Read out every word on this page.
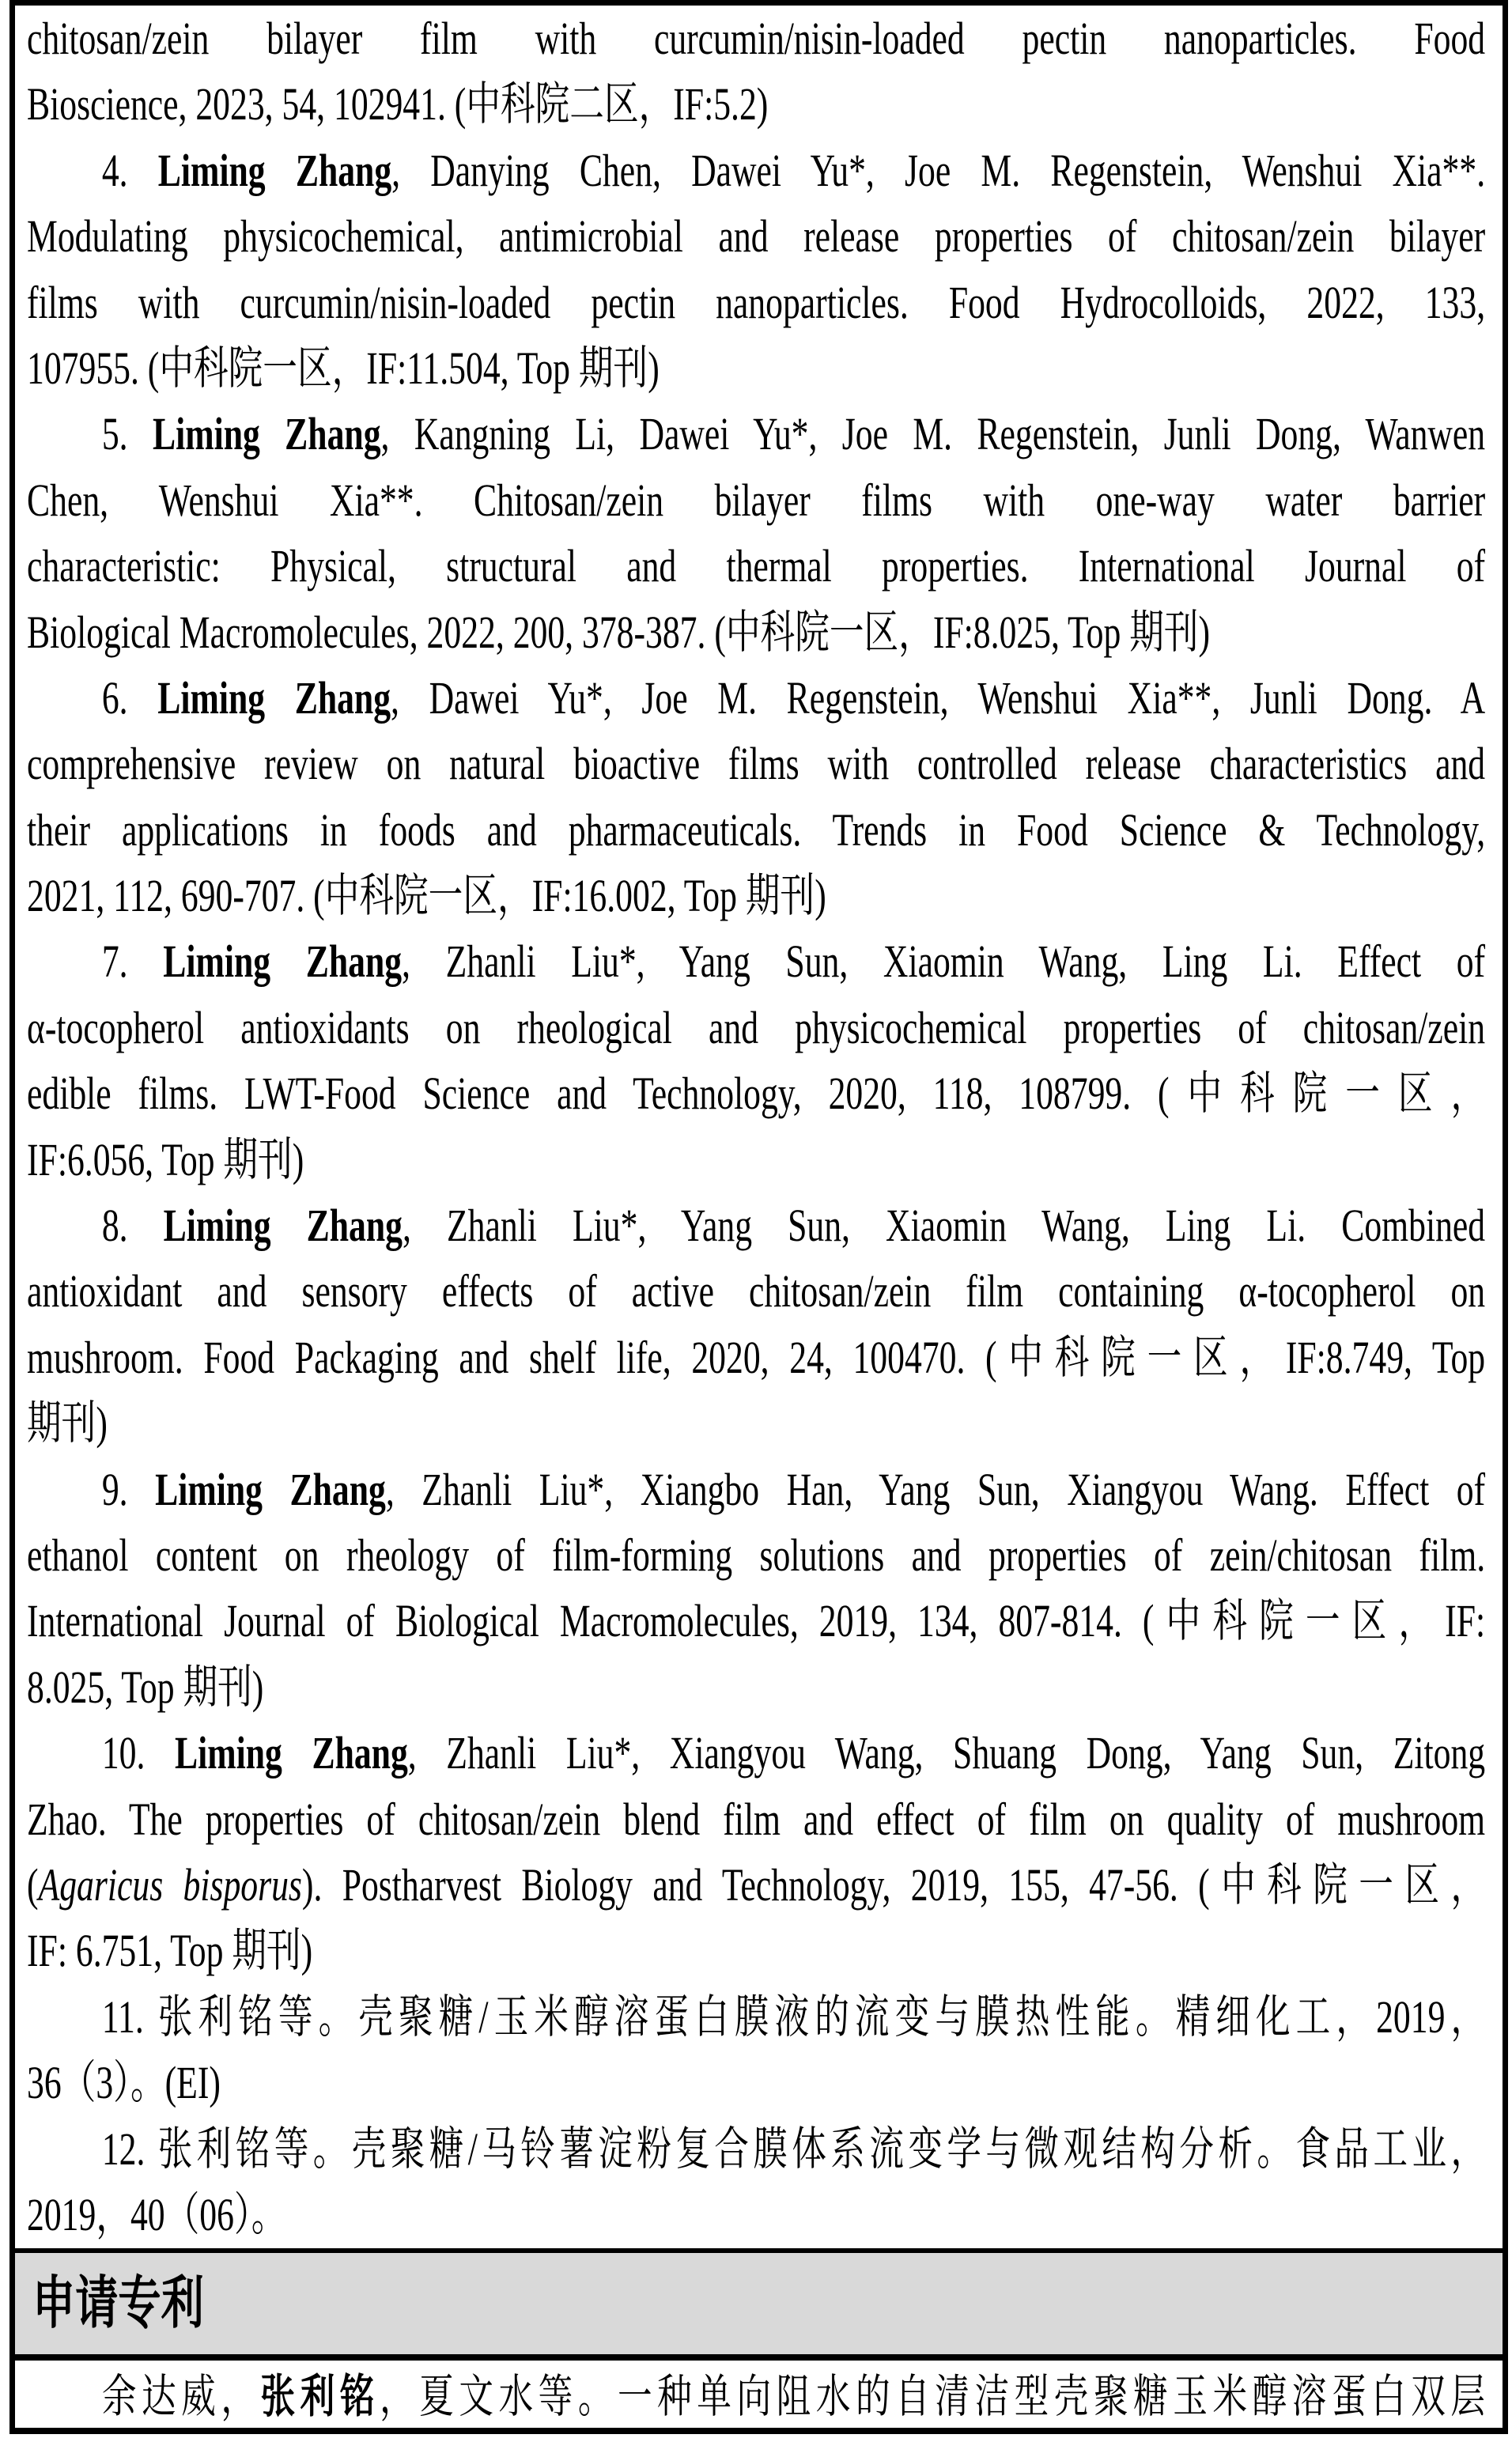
chitosan/zein bilayer film with curcumin/nisin-loaded pectin nanoparticles. Food
Bioscience, 2023, 54, 102941. (中科院二区，IF:5.2)
4. Liming Zhang, Danying Chen, Dawei Yu*, Joe M. Regenstein, Wenshui Xia**.
Modulating physicochemical, antimicrobial and release properties of chitosan/zein bilayer
films with curcumin/nisin-loaded pectin nanoparticles. Food Hydrocolloids, 2022, 133,
107955. (中科院一区，IF:11.504, Top 期刊)
5. Liming Zhang, Kangning Li, Dawei Yu*, Joe M. Regenstein, Junli Dong, Wanwen
Chen, Wenshui Xia**. Chitosan/zein bilayer films with one-way water barrier
characteristic: Physical, structural and thermal properties. International Journal of
Biological Macromolecules, 2022, 200, 378-387. (中科院一区，IF:8.025, Top 期刊)
6. Liming Zhang, Dawei Yu*, Joe M. Regenstein, Wenshui Xia**, Junli Dong. A
comprehensive review on natural bioactive films with controlled release characteristics and
their applications in foods and pharmaceuticals. Trends in Food Science & Technology,
2021, 112, 690-707. (中科院一区，IF:16.002, Top 期刊)
7. Liming Zhang, Zhanli Liu*, Yang Sun, Xiaomin Wang, Ling Li. Effect of
α-tocopherol antioxidants on rheological and physicochemical properties of chitosan/zein
edible films. LWT-Food Science and Technology, 2020, 118, 108799. (中科院一区，
IF:6.056, Top 期刊)
8. Liming Zhang, Zhanli Liu*, Yang Sun, Xiaomin Wang, Ling Li. Combined
antioxidant and sensory effects of active chitosan/zein film containing α-tocopherol on
mushroom. Food Packaging and shelf life, 2020, 24, 100470. (中科院一区，IF:8.749, Top
期刊)
9. Liming Zhang, Zhanli Liu*, Xiangbo Han, Yang Sun, Xiangyou Wang. Effect of
ethanol content on rheology of film-forming solutions and properties of zein/chitosan film.
International Journal of Biological Macromolecules, 2019, 134, 807-814. (中科院一区，IF:
8.025, Top 期刊)
10. Liming Zhang, Zhanli Liu*, Xiangyou Wang, Shuang Dong, Yang Sun, Zitong
Zhao. The properties of chitosan/zein blend film and effect of film on quality of mushroom
(Agaricus bisporus). Postharvest Biology and Technology, 2019, 155, 47-56. (中科院一区，
IF: 6.751, Top 期刊)
11. 张利铭等。壳聚糖/玉米醇溶蛋白膜液的流变与膜热性能。精细化工，2019，
36（3）。(EI)
12. 张利铭等。壳聚糖/马铃薯淀粉复合膜体系流变学与微观结构分析。食品工业，
2019，40（06）。
申请专利
余达威，张利铭，夏文水等。一种单向阻水的自清洁型壳聚糖玉米醇溶蛋白双层
